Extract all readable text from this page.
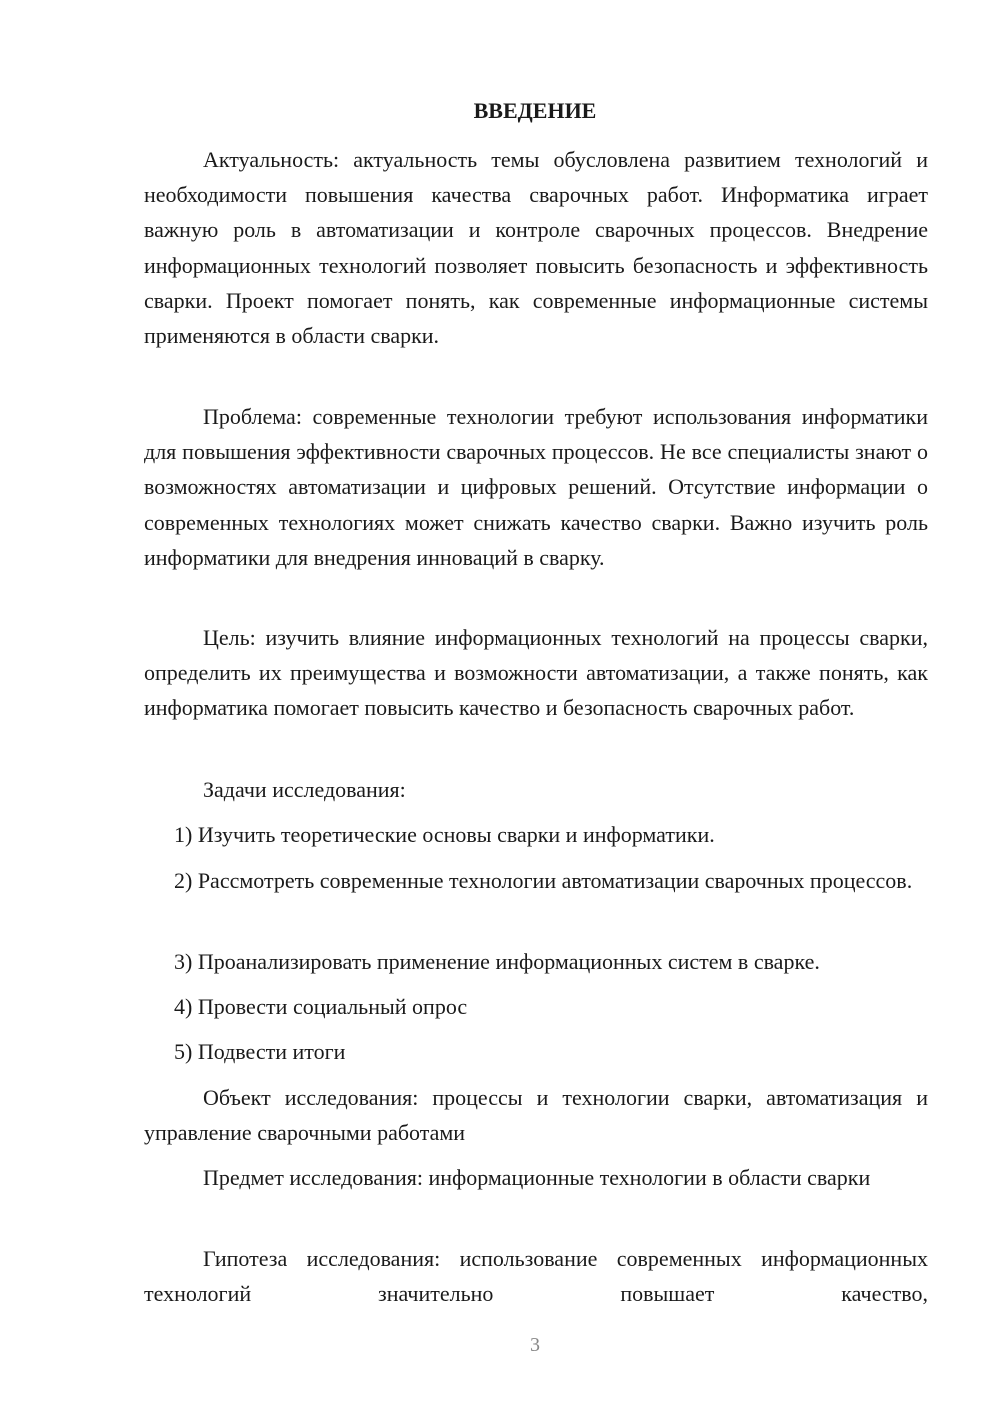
ВВЕДЕНИЕ

Актуальность: актуальность темы обусловлена развитием технологий и необходимости повышения качества сварочных работ. Информатика играет важную роль в автоматизации и контроле сварочных процессов. Внедрение информационных технологий позволяет повысить безопасность и эффективность сварки. Проект помогает понять, как современные информационные системы применяются в области сварки.

Проблема: современные технологии требуют использования информатики для повышения эффективности сварочных процессов. Не все специалисты знают о возможностях автоматизации и цифровых решений. Отсутствие информации о современных технологиях может снижать качество сварки. Важно изучить роль информатики для внедрения инноваций в сварку.

Цель: изучить влияние информационных технологий на процессы сварки, определить их преимущества и возможности автоматизации, а также понять, как информатика помогает повысить качество и безопасность сварочных работ.

Задачи исследования:

1) Изучить теоретические основы сварки и информатики.

2) Рассмотреть современные технологии автоматизации сварочных процессов.

3) Проанализировать применение информационных систем в сварке.

4) Провести социальный опрос

5) Подвести итоги

Объект исследования: процессы и технологии сварки, автоматизация и управление сварочными работами

Предмет исследования: информационные технологии в области сварки

Гипотеза исследования: использование современных информационных технологий значительно повышает качество,

3
